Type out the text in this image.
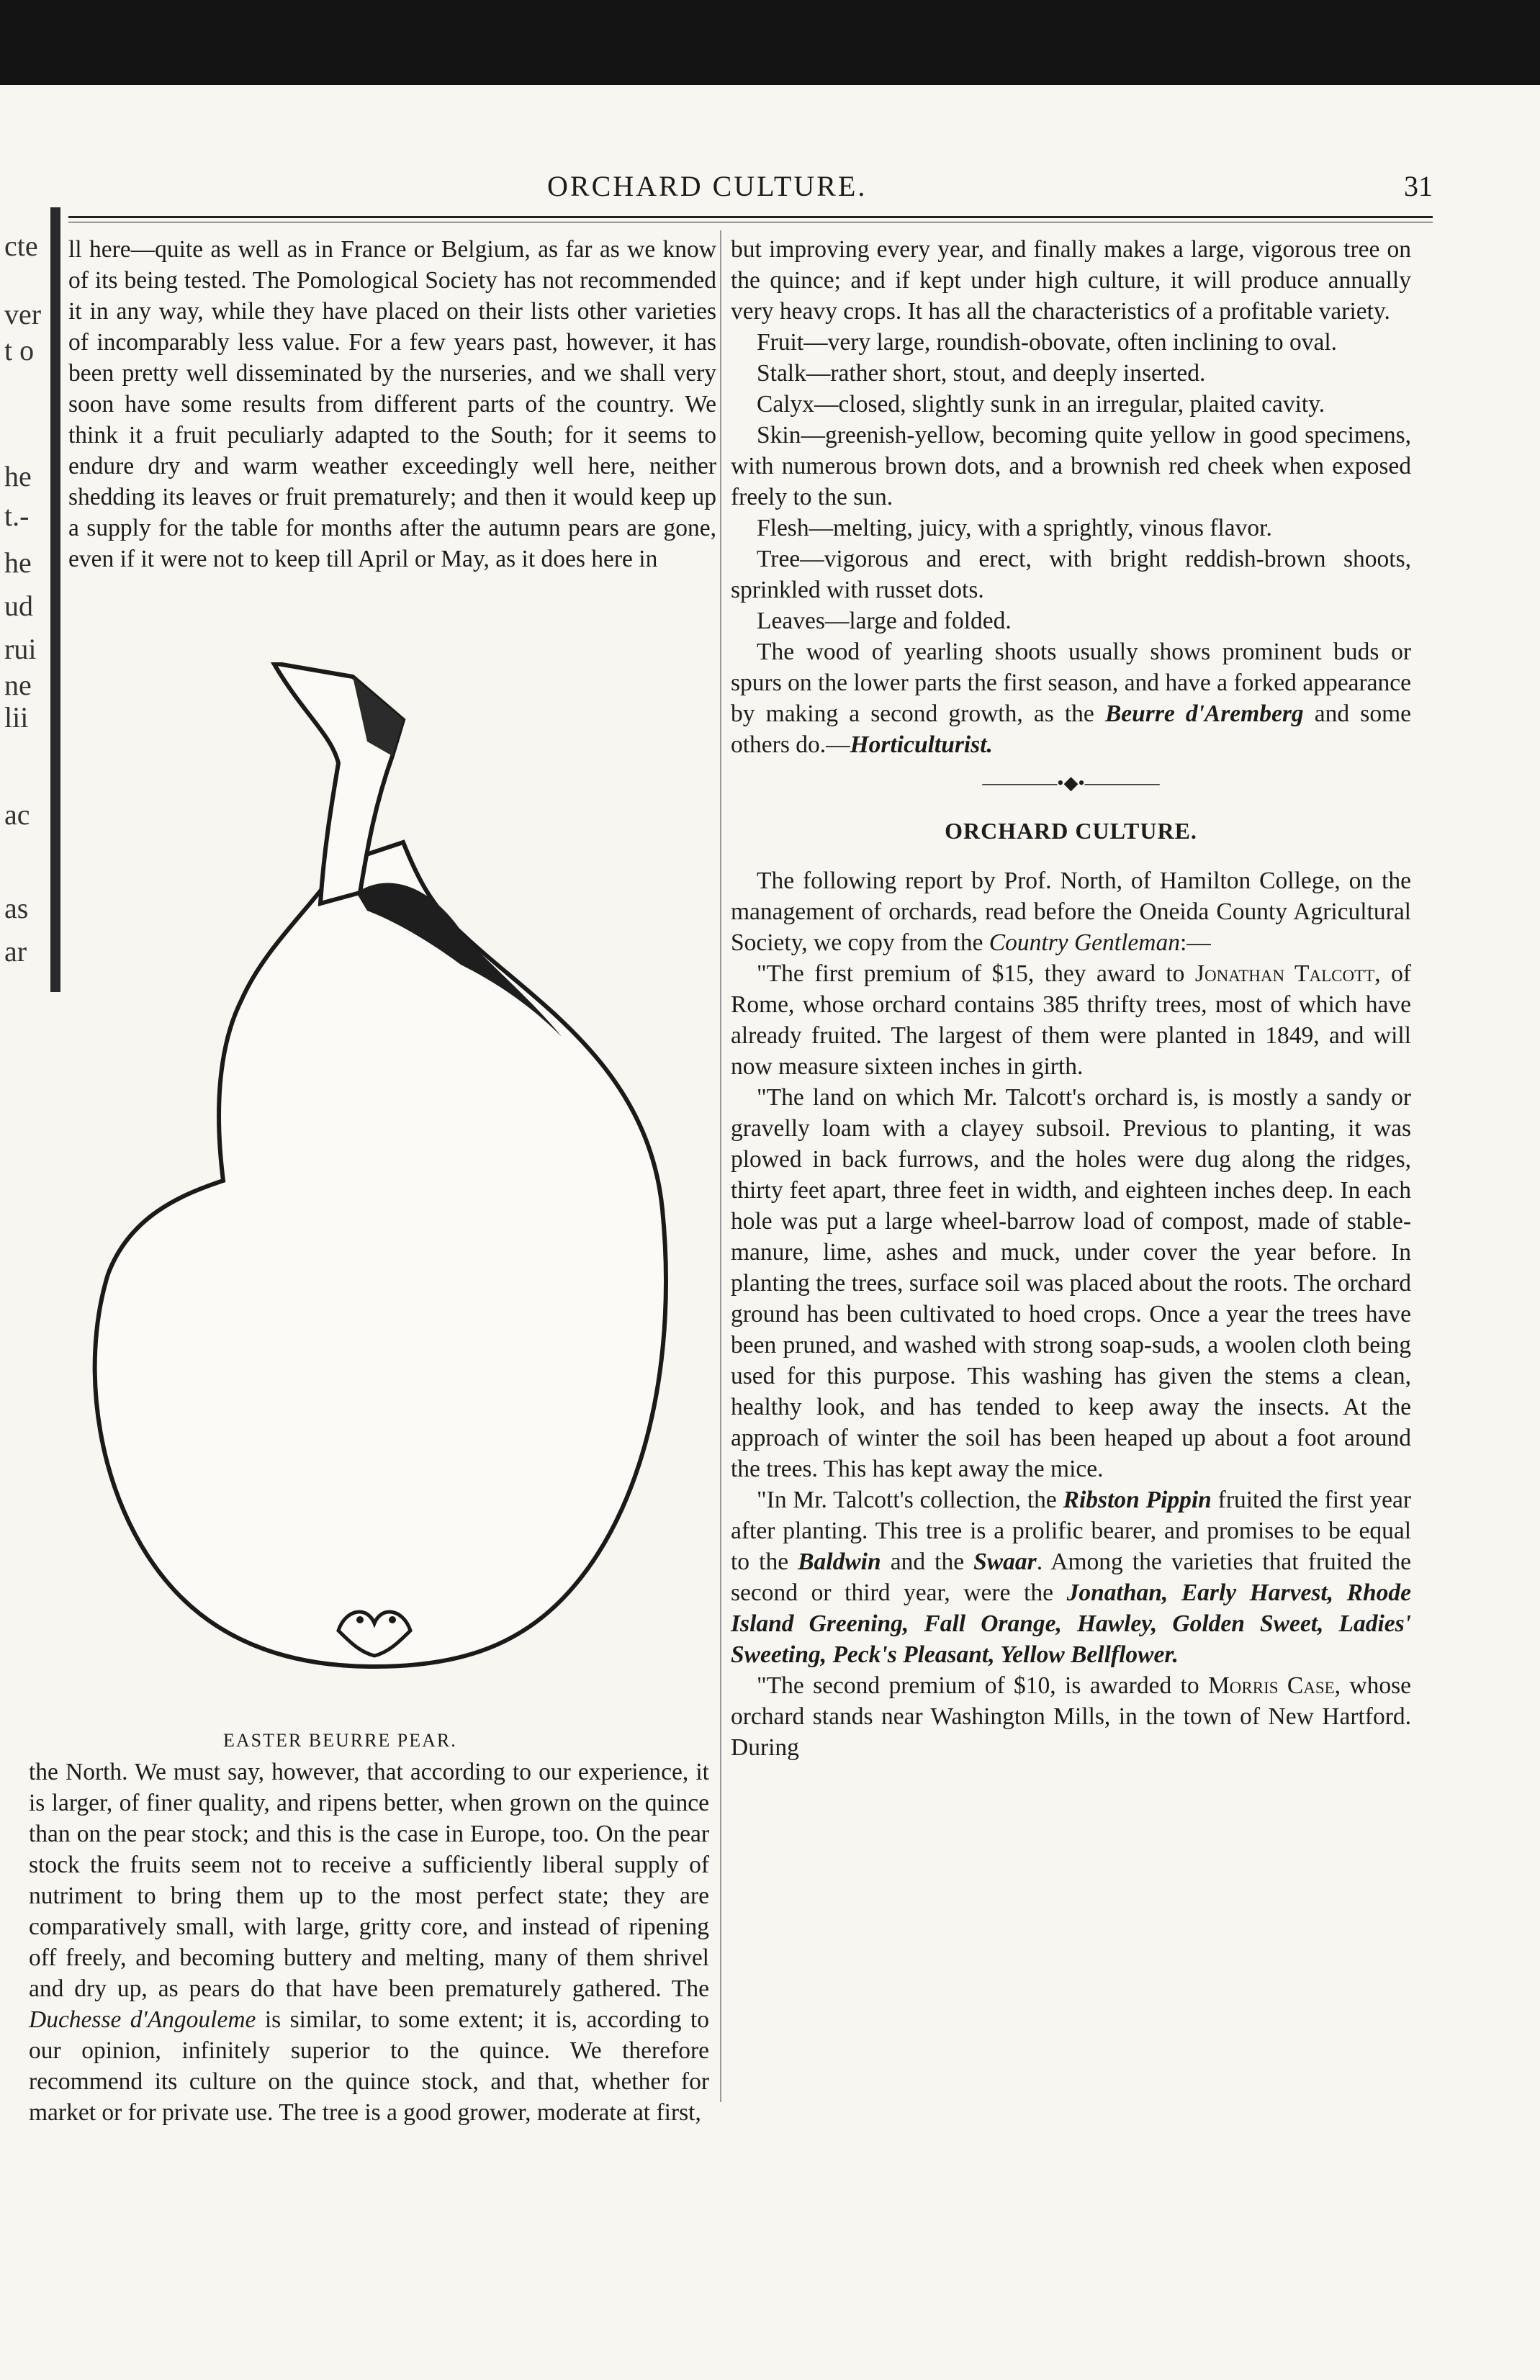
cte
ver
t o
he
t.-
he
ud
rui
ne
lii
ac
as
ar
ORCHARD CULTURE.	31

ll here—quite as well as in France or Belgium, as far as we know of its being tested. The Pomological Society has not recommended it in any way, while they have placed on their lists other varieties of incomparably less value. For a few years past, however, it has been pretty well disseminated by the nurseries, and we shall very soon have some results from different parts of the country. We think it a fruit peculiarly adapted to the South; for it seems to endure dry and warm weather exceedingly well here, neither shedding its leaves or fruit prematurely; and then it would keep up a supply for the table for months after the autumn pears are gone, even if it were not to keep till April or May, as it does here in

EASTER BEURRE PEAR.

the North. We must say, however, that according to our experience, it is larger, of finer quality, and ripens better, when grown on the quince than on the pear stock; and this is the case in Europe, too. On the pear stock the fruits seem not to receive a sufficiently liberal supply of nutriment to bring them up to the most perfect state; they are comparatively small, with large, gritty core, and instead of ripening off freely, and becoming buttery and melting, many of them shrivel and dry up, as pears do that have been prematurely gathered. The Duchesse d'Angouleme is similar, to some extent; it is, according to our opinion, infinitely superior to the quince. We therefore recommend its culture on the quince stock, and that, whether for market or for private use. The tree is a good grower, moderate at first,

but improving every year, and finally makes a large, vigorous tree on the quince; and if kept under high culture, it will produce annually very heavy crops. It has all the characteristics of a profitable variety.

Fruit—very large, roundish-obovate, often inclining to oval.

Stalk—rather short, stout, and deeply inserted.

Calyx—closed, slightly sunk in an irregular, plaited cavity.

Skin—greenish-yellow, becoming quite yellow in good specimens, with numerous brown dots, and a brownish red cheek when exposed freely to the sun.

Flesh—melting, juicy, with a sprightly, vinous flavor.

Tree—vigorous and erect, with bright reddish-brown shoots, sprinkled with russet dots.

Leaves—large and folded.

The wood of yearling shoots usually shows prominent buds or spurs on the lower parts the first season, and have a forked appearance by making a second growth, as the Beurre d'Aremberg and some others do.—Horticulturist.

————•◆•————

ORCHARD CULTURE.

The following report by Prof. North, of Hamilton College, on the management of orchards, read before the Oneida County Agricultural Society, we copy from the Country Gentleman:—

"The first premium of $15, they award to Jonathan Talcott, of Rome, whose orchard contains 385 thrifty trees, most of which have already fruited. The largest of them were planted in 1849, and will now measure sixteen inches in girth.

"The land on which Mr. Talcott's orchard is, is mostly a sandy or gravelly loam with a clayey subsoil. Previous to planting, it was plowed in back furrows, and the holes were dug along the ridges, thirty feet apart, three feet in width, and eighteen inches deep. In each hole was put a large wheel-barrow load of compost, made of stable-manure, lime, ashes and muck, under cover the year before. In planting the trees, surface soil was placed about the roots. The orchard ground has been cultivated to hoed crops. Once a year the trees have been pruned, and washed with strong soap-suds, a woolen cloth being used for this purpose. This washing has given the stems a clean, healthy look, and has tended to keep away the insects. At the approach of winter the soil has been heaped up about a foot around the trees. This has kept away the mice.

"In Mr. Talcott's collection, the Ribston Pippin fruited the first year after planting. This tree is a prolific bearer, and promises to be equal to the Baldwin and the Swaar. Among the varieties that fruited the second or third year, were the Jonathan, Early Harvest, Rhode Island Greening, Fall Orange, Hawley, Golden Sweet, Ladies' Sweeting, Peck's Pleasant, Yellow Bellflower.

"The second premium of $10, is awarded to Morris Case, whose orchard stands near Washington Mills, in the town of New Hartford. During
